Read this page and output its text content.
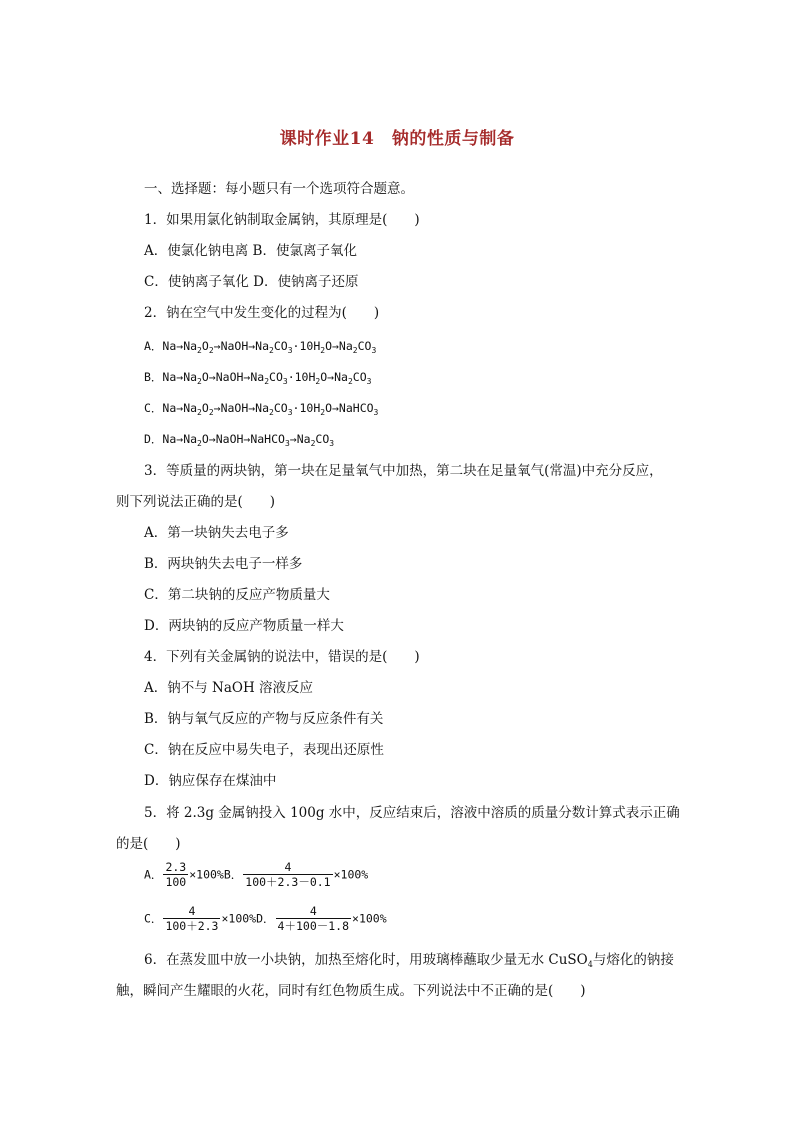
课时作业14　钠的性质与制备
一、选择题：每小题只有一个选项符合题意。
1．如果用氯化钠制取金属钠，其原理是(　　)
A．使氯化钠电离 B．使氯离子氧化
C．使钠离子氧化 D．使钠离子还原
2．钠在空气中发生变化的过程为(　　)
A．$Na\to Na_2O_2\to NaOH\to Na_2CO_3\cdot 10H_2O\to Na_2CO_3$
B．$Na\to Na_2O\to NaOH\to Na_2CO_3\cdot 10H_2O\to Na_2CO_3$
C．$Na\to Na_2O_2\to NaOH\to Na_2CO_3\cdot 10H_2O\to NaHCO_3$
D．$Na\to Na_2O\to NaOH\to NaHCO_3\to Na_2CO_3$
3．等质量的两块钠，第一块在足量氧气中加热，第二块在足量氧气(常温)中充分反应，
则下列说法正确的是(　　)
A．第一块钠失去电子多
B．两块钠失去电子一样多
C．第二块钠的反应产物质量大
D．两块钠的反应产物质量一样大
4．下列有关金属钠的说法中，错误的是(　　)
A．钠不与 NaOH 溶液反应
B．钠与氧气反应的产物与反应条件有关
C．钠在反应中易失电子，表现出还原性
D．钠应保存在煤油中
5．将 2.3g 金属钠投入 100g 水中，反应结束后，溶液中溶质的质量分数计算式表示正确
的是(　　)
A． $\frac{2.3}{100} \times 100\%B$． $\frac{4}{100+2.3-0.1} \times 100\%$
C． $\frac{4}{100+2.3} \times 100\%D$． $\frac{4}{4+100-1.8} \times 100\%$
6．在蒸发皿中放一小块钠，加热至熔化时，用玻璃棒蘸取少量无水 CuSO$_4$与熔化的钠接
触，瞬间产生耀眼的火花，同时有红色物质生成。下列说法中不正确的是(　　)
